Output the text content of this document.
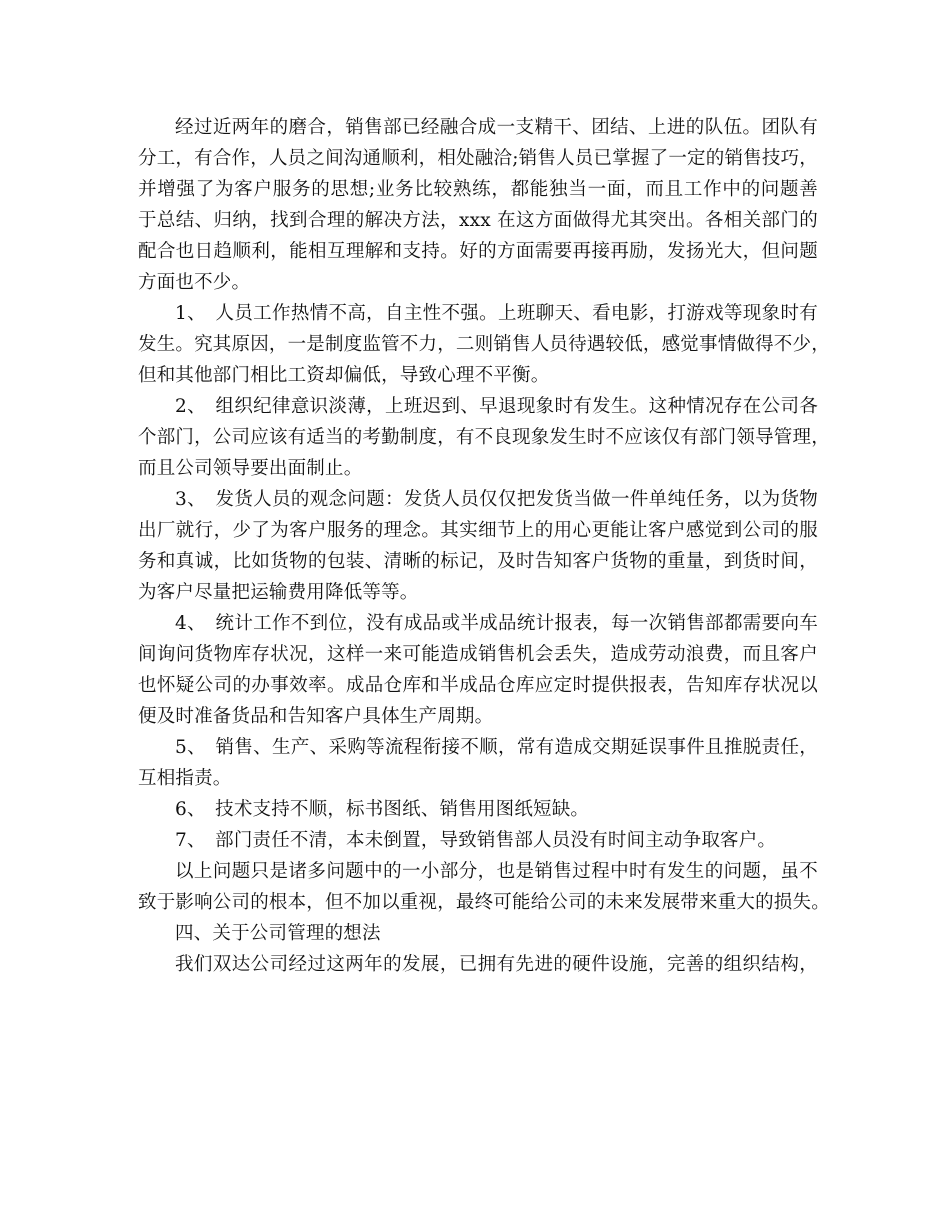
经过近两年的磨合，销售部已经融合成一支精干、团结、上进的队伍。团队有
分工，有合作，人员之间沟通顺利，相处融洽;销售人员已掌握了一定的销售技巧，
并增强了为客户服务的思想;业务比较熟练，都能独当一面，而且工作中的问题善
于总结、归纳，找到合理的解决方法，xxx 在这方面做得尤其突出。各相关部门的
配合也日趋顺利，能相互理解和支持。好的方面需要再接再励，发扬光大，但问题
方面也不少。
1、　人员工作热情不高，自主性不强。上班聊天、看电影，打游戏等现象时有
发生。究其原因，一是制度监管不力，二则销售人员待遇较低，感觉事情做得不少，
但和其他部门相比工资却偏低，导致心理不平衡。
2、　组织纪律意识淡薄，上班迟到、早退现象时有发生。这种情况存在公司各
个部门，公司应该有适当的考勤制度，有不良现象发生时不应该仅有部门领导管理，
而且公司领导要出面制止。
3、　发货人员的观念问题：发货人员仅仅把发货当做一件单纯任务，以为货物
出厂就行，少了为客户服务的理念。其实细节上的用心更能让客户感觉到公司的服
务和真诚，比如货物的包装、清晰的标记，及时告知客户货物的重量，到货时间，
为客户尽量把运输费用降低等等。
4、　统计工作不到位，没有成品或半成品统计报表，每一次销售部都需要向车
间询问货物库存状况，这样一来可能造成销售机会丢失，造成劳动浪费，而且客户
也怀疑公司的办事效率。成品仓库和半成品仓库应定时提供报表，告知库存状况以
便及时准备货品和告知客户具体生产周期。
5、　销售、生产、采购等流程衔接不顺，常有造成交期延误事件且推脱责任，
互相指责。
6、　技术支持不顺，标书图纸、销售用图纸短缺。
7、　部门责任不清，本未倒置，导致销售部人员没有时间主动争取客户。
以上问题只是诸多问题中的一小部分，也是销售过程中时有发生的问题，虽不
致于影响公司的根本，但不加以重视，最终可能给公司的未来发展带来重大的损失。
四、关于公司管理的想法
我们双达公司经过这两年的发展，已拥有先进的硬件设施，完善的组织结构，
